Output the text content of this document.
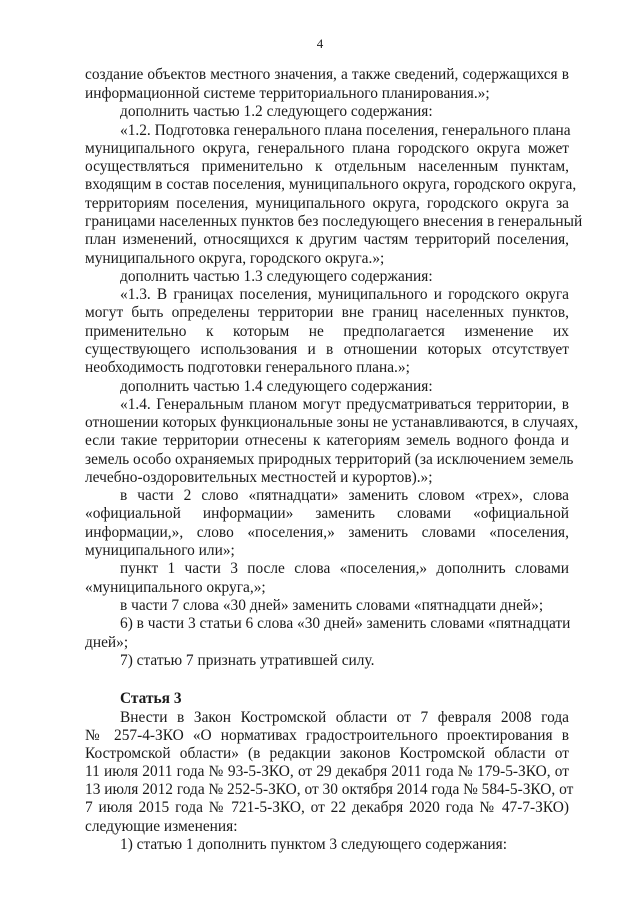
4
создание объектов местного значения, а также сведений, содержащихся в
информационной системе территориального планирования.»;
дополнить частью 1.2 следующего содержания:
«1.2. Подготовка генерального плана поселения, генерального плана
муниципального округа, генерального плана городского округа может
осуществляться применительно к отдельным населенным пунктам,
входящим в состав поселения, муниципального округа, городского округа,
территориям поселения, муниципального округа, городского округа за
границами населенных пунктов без последующего внесения в генеральный
план изменений, относящихся к другим частям территорий поселения,
муниципального округа, городского округа.»;
дополнить частью 1.3 следующего содержания:
«1.3. В границах поселения, муниципального и городского округа
могут быть определены территории вне границ населенных пунктов,
применительно к которым не предполагается изменение их
существующего использования и в отношении которых отсутствует
необходимость подготовки генерального плана.»;
дополнить частью 1.4 следующего содержания:
«1.4. Генеральным планом могут предусматриваться территории, в
отношении которых функциональные зоны не устанавливаются, в случаях,
если такие территории отнесены к категориям земель водного фонда и
земель особо охраняемых природных территорий (за исключением земель
лечебно-оздоровительных местностей и курортов).»;
в части 2 слово «пятнадцати» заменить словом «трех», слова
«официальной информации» заменить словами «официальной
информации,», слово «поселения,» заменить словами «поселения,
муниципального или»;
пункт 1 части 3 после слова «поселения,» дополнить словами
«муниципального округа,»;
в части 7 слова «30 дней» заменить словами «пятнадцати дней»;
6) в части 3 статьи 6 слова «30 дней» заменить словами «пятнадцати
дней»;
7) статью 7 признать утратившей силу.
Статья 3
Внести в Закон Костромской области от 7 февраля 2008 года
№ 257-4-ЗКО «О нормативах градостроительного проектирования в
Костромской области» (в редакции законов Костромской области от
11 июля 2011 года № 93-5-ЗКО, от 29 декабря 2011 года № 179-5-ЗКО, от
13 июля 2012 года № 252-5-ЗКО, от 30 октября 2014 года № 584-5-ЗКО, от
7 июля 2015 года № 721-5-ЗКО, от 22 декабря 2020 года № 47-7-ЗКО)
следующие изменения:
1) статью 1 дополнить пунктом 3 следующего содержания:
